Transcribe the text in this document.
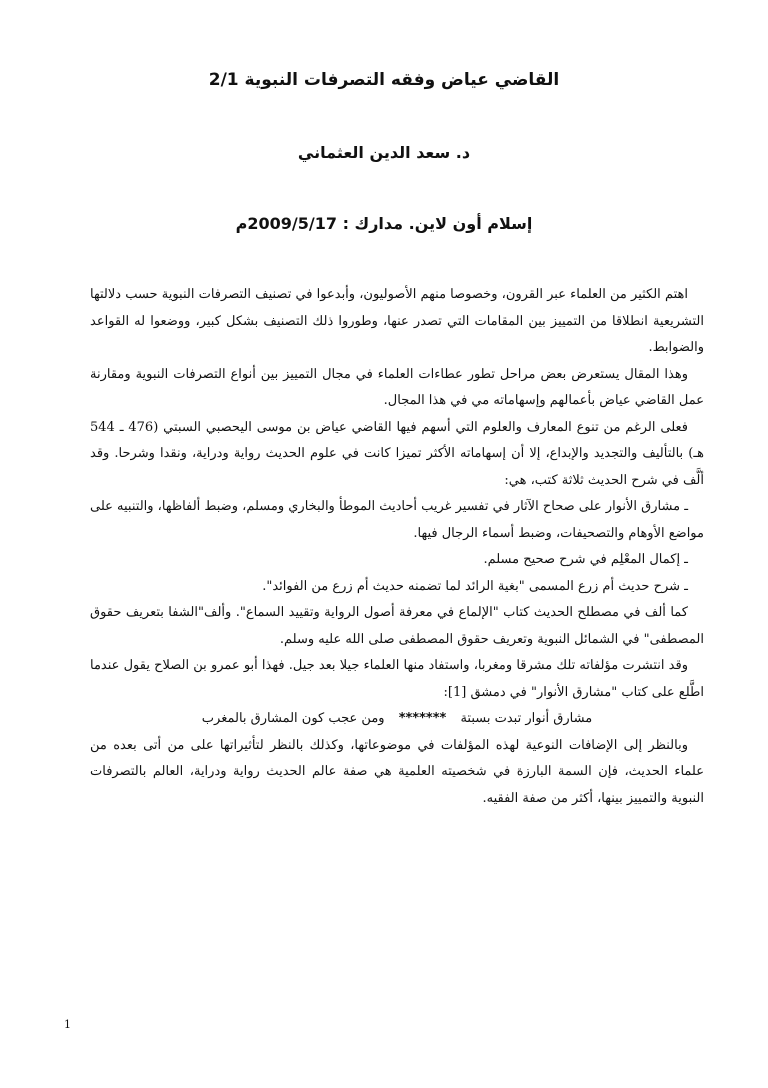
القاضي عياض وفقه التصرفات النبوية 2/1
د. سعد الدين العثماني
إسلام أون لاين. مدارك : 2009/5/17م

اهتم الكثير من العلماء عبر القرون، وخصوصا منهم الأصوليون، وأبدعوا في تصنيف التصرفات النبوية حسب دلالتها التشريعية انطلاقا من التمييز بين المقامات التي تصدر عنها، وطوروا ذلك التصنيف بشكل كبير، ووضعوا له القواعد والضوابط.

وهذا المقال يستعرض بعض مراحل تطور عطاءات العلماء في مجال التمييز بين أنواع التصرفات النبوية ومقارنة عمل القاضي عياض بأعمالهم وإسهاماته مي في هذا المجال.

فعلى الرغم من تنوع المعارف والعلوم التي أسهم فيها القاضي عياض بن موسى اليحصبي السبتي (476 ـ 544 هـ) بالتأليف والتجديد والإبداع، إلا أن إسهاماته الأكثر تميزا كانت في علوم الحديث رواية ودراية، ونقدا وشرحا. وقد ألَّف في شرح الحديث ثلاثة كتب، هي:

ـ مشارق الأنوار على صحاح الآثار في تفسير غريب أحاديث الموطأ والبخاري ومسلم، وضبط ألفاظها، والتنبيه على مواضع الأوهام والتصحيفات، وضبط أسماء الرجال فيها.

ـ إكمال المعْلِم في شرح صحيح مسلم.

ـ شرح حديث أم زرع المسمى "بغية الرائد لما تضمنه حديث أم زرع من الفوائد".

كما ألف في مصطلح الحديث كتاب "الإلماع في معرفة أصول الرواية وتقييد السماع". وألف"الشفا بتعريف حقوق المصطفى" في الشمائل النبوية وتعريف حقوق المصطفى صلى الله عليه وسلم.

وقد انتشرت مؤلفاته تلك مشرقا ومغربا، واستفاد منها العلماء جيلا بعد جيل. فهذا أبو عمرو بن الصلاح يقول عندما اطَّلع على كتاب "مشارق الأنوار" في دمشق [1]:

مشارق أنوار تبدت بسبتة ******* ومن عجب كون المشارق بالمغرب

وبالنظر إلى الإضافات النوعية لهذه المؤلفات في موضوعاتها، وكذلك بالنظر لتأثيراتها على من أتى بعده من علماء الحديث، فإن السمة البارزة في شخصيته العلمية هي صفة عالم الحديث رواية ودراية، العالم بالتصرفات النبوية والتمييز بينها، أكثر من صفة الفقيه.

1
